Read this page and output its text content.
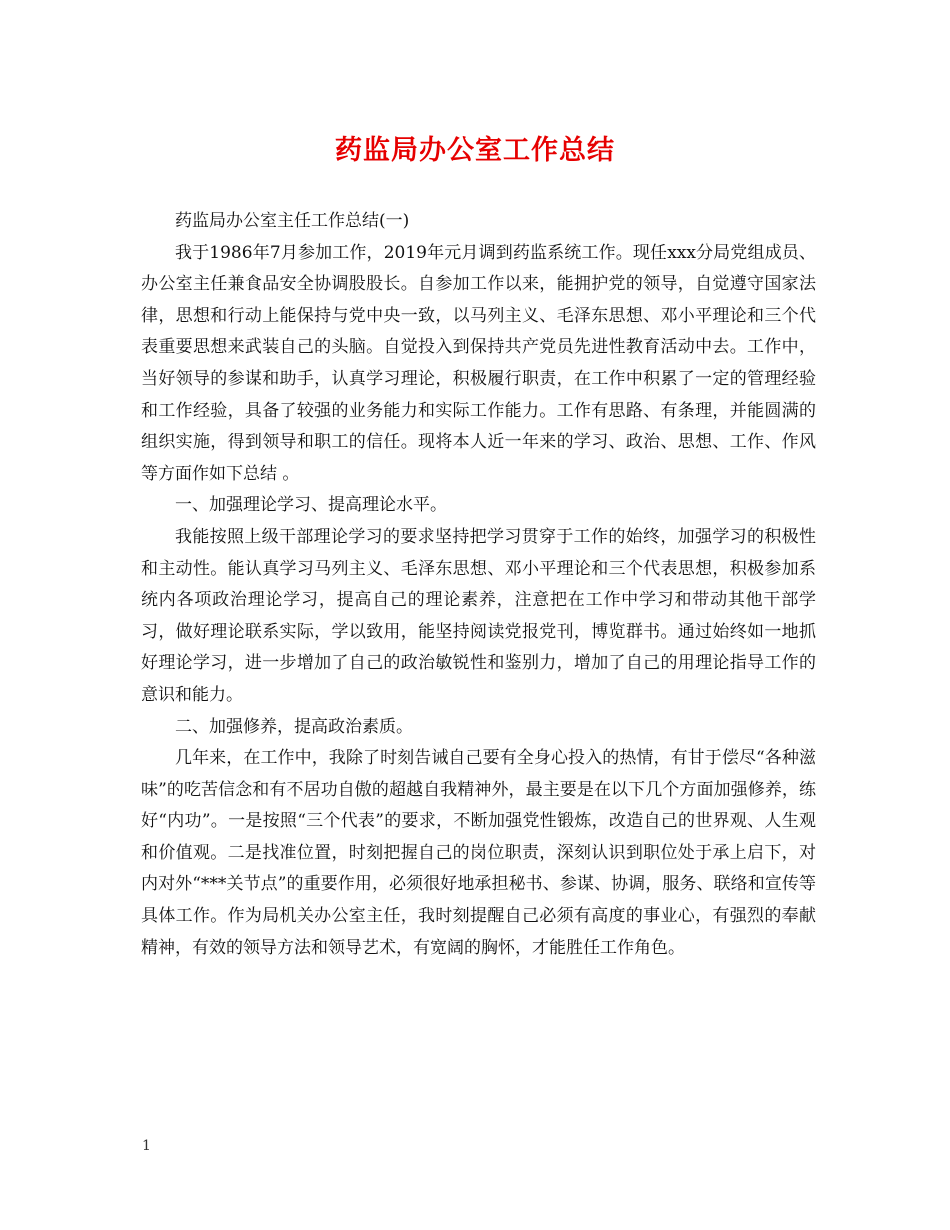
药监局办公室工作总结

药监局办公室主任工作总结(一)

我于1986年7月参加工作，2019年元月调到药监系统工作。现任xxx分局党组成员、办公室主任兼食品安全协调股股长。自参加工作以来，能拥护党的领导，自觉遵守国家法律，思想和行动上能保持与党中央一致，以马列主义、毛泽东思想、邓小平理论和三个代表重要思想来武装自己的头脑。自觉投入到保持共产党员先进性教育活动中去。工作中，当好领导的参谋和助手，认真学习理论，积极履行职责，在工作中积累了一定的管理经验和工作经验，具备了较强的业务能力和实际工作能力。工作有思路、有条理，并能圆满的组织实施，得到领导和职工的信任。现将本人近一年来的学习、政治、思想、工作、作风等方面作如下总结 。

一、加强理论学习、提高理论水平。

我能按照上级干部理论学习的要求坚持把学习贯穿于工作的始终，加强学习的积极性和主动性。能认真学习马列主义、毛泽东思想、邓小平理论和三个代表思想，积极参加系统内各项政治理论学习，提高自己的理论素养，注意把在工作中学习和带动其他干部学习，做好理论联系实际，学以致用，能坚持阅读党报党刊，博览群书。通过始终如一地抓好理论学习，进一步增加了自己的政治敏锐性和鉴别力，增加了自己的用理论指导工作的意识和能力。

二、加强修养，提高政治素质。

几年来，在工作中，我除了时刻告诫自己要有全身心投入的热情，有甘于偿尽“各种滋味”的吃苦信念和有不居功自傲的超越自我精神外，最主要是在以下几个方面加强修养，练好“内功”。一是按照“三个代表”的要求，不断加强党性锻炼，改造自己的世界观、人生观和价值观。二是找准位置，时刻把握自己的岗位职责，深刻认识到职位处于承上启下，对内对外“***关节点”的重要作用，必须很好地承担秘书、参谋、协调，服务、联络和宣传等具体工作。作为局机关办公室主任，我时刻提醒自己必须有高度的事业心，有强烈的奉献精神，有效的领导方法和领导艺术，有宽阔的胸怀，才能胜任工作角色。

1
